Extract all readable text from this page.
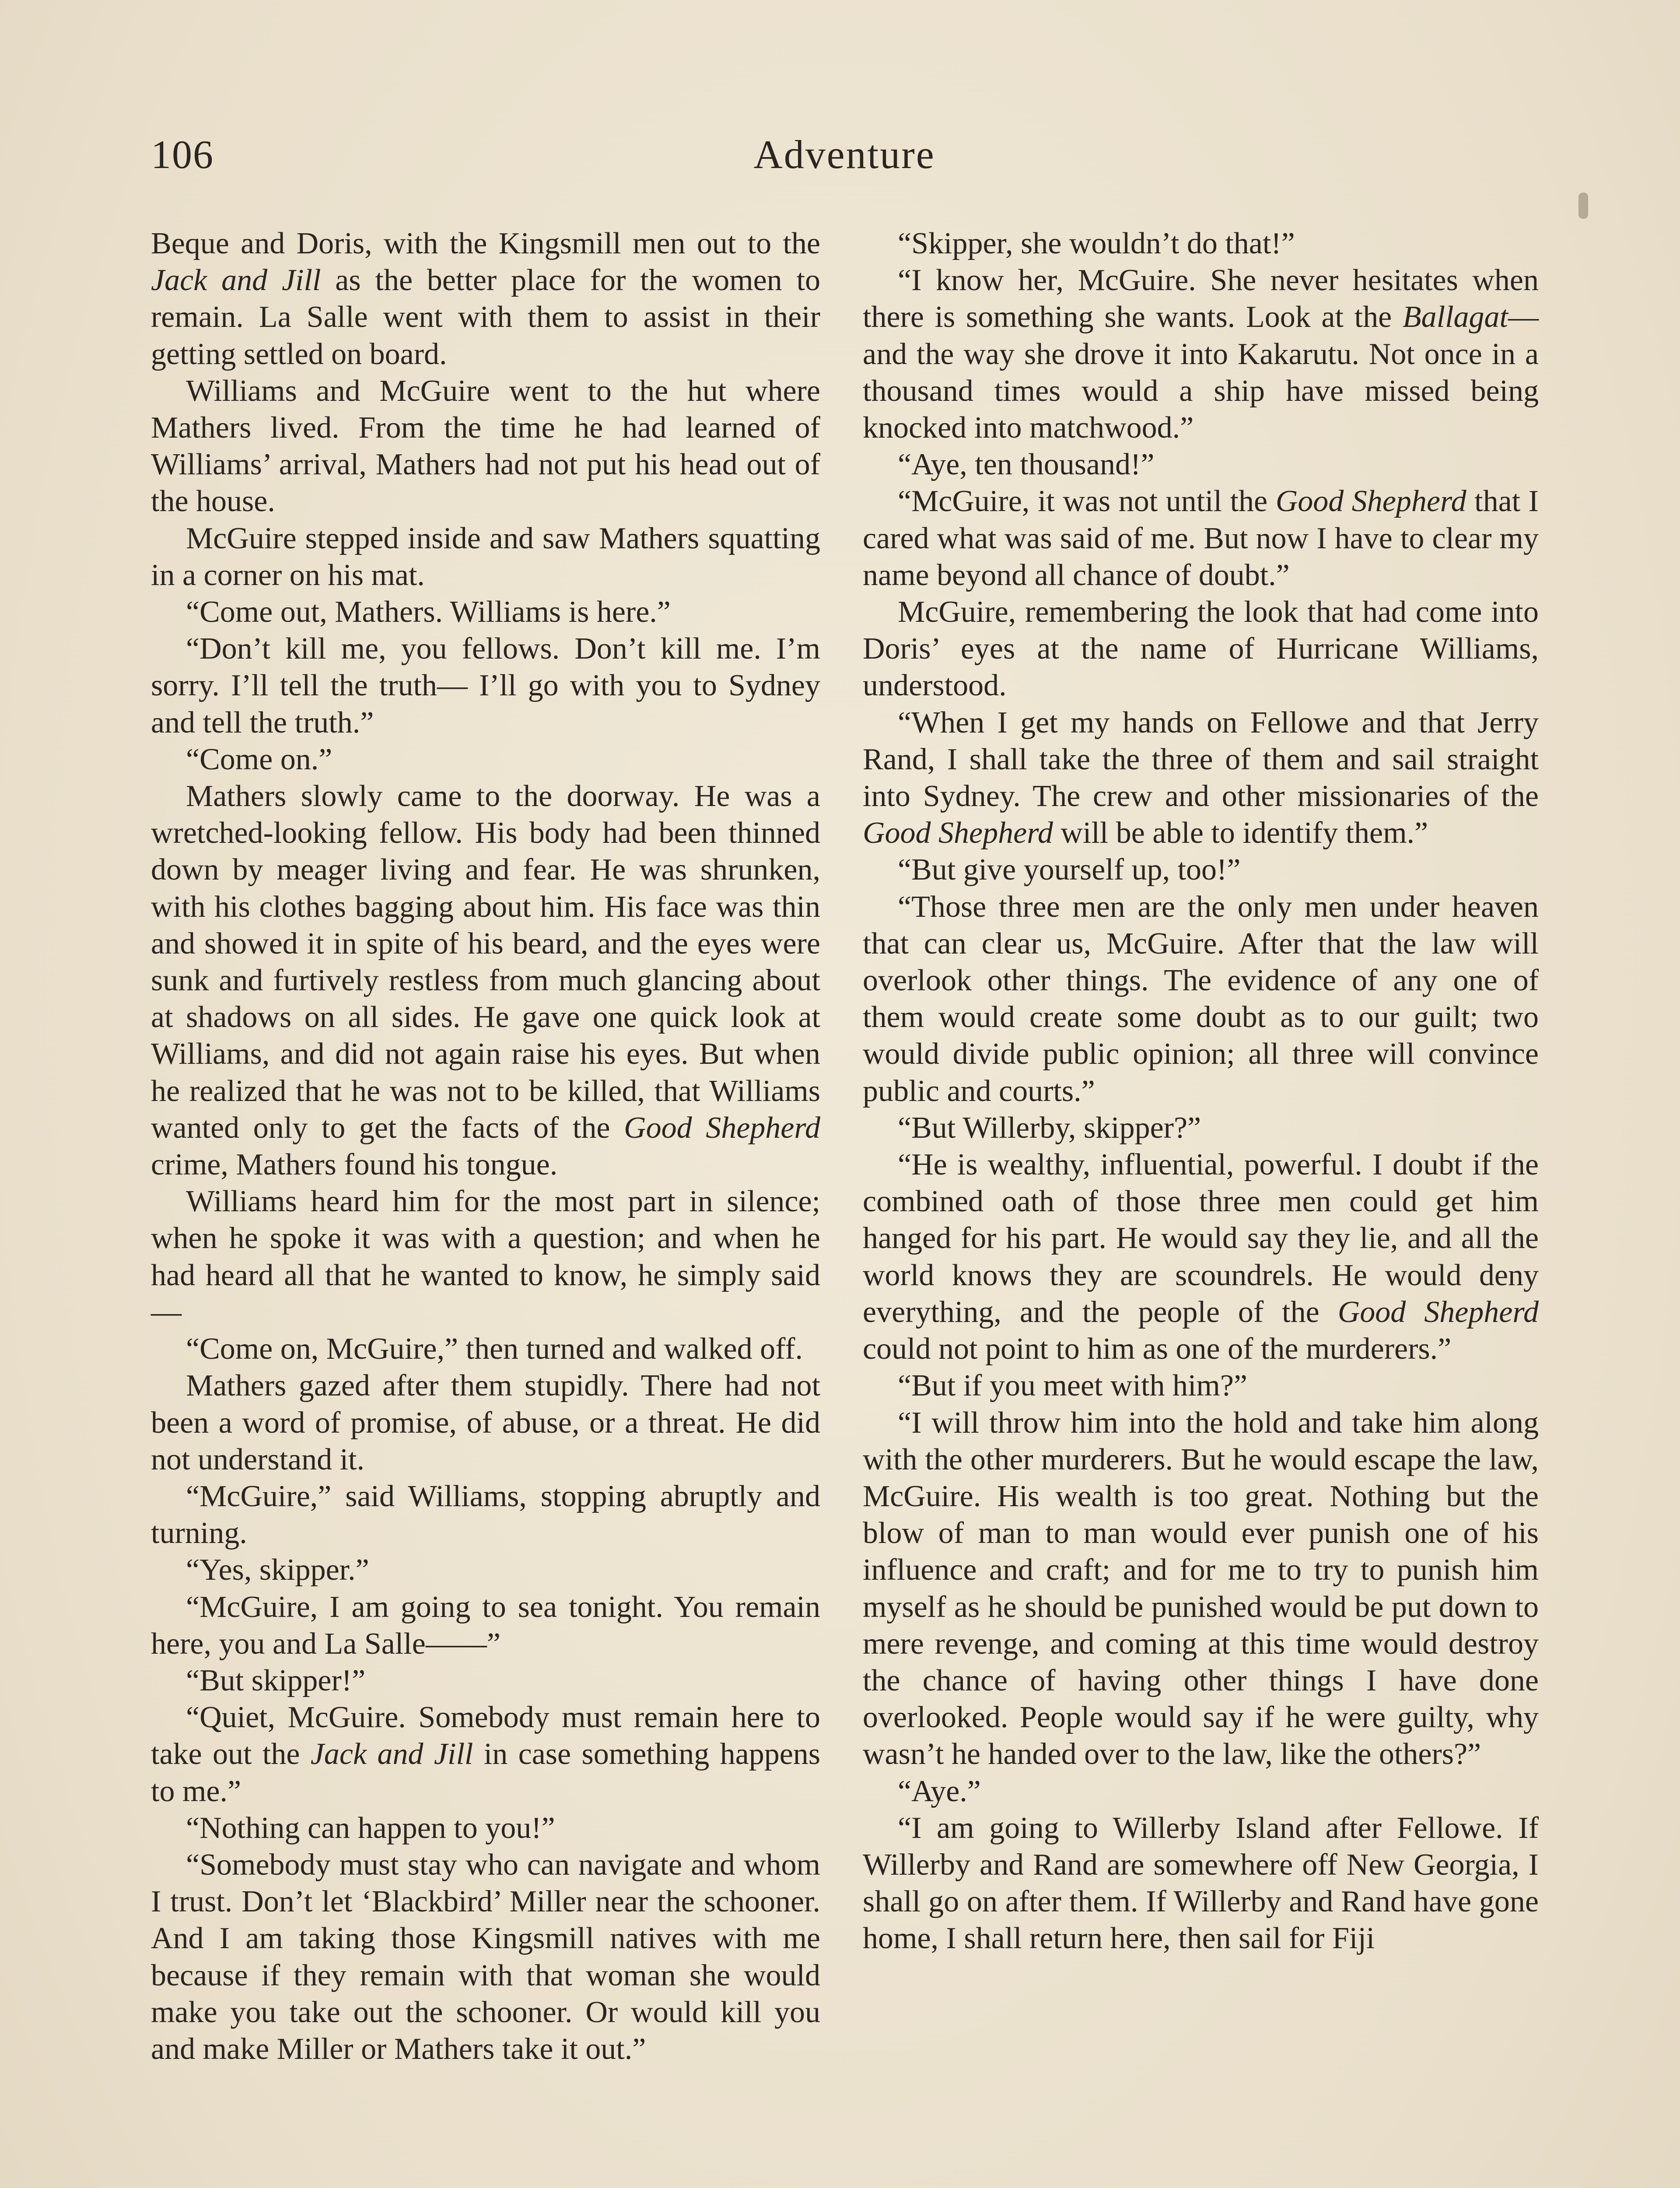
106	Adventure

Beque and Doris, with the Kingsmill men out to the Jack and Jill as the better place for the women to remain. La Salle went with them to assist in their getting settled on board.

Williams and McGuire went to the hut where Mathers lived. From the time he had learned of Williams’ arrival, Mathers had not put his head out of the house.

McGuire stepped inside and saw Mathers squatting in a corner on his mat.

“Come out, Mathers. Williams is here.”

“Don’t kill me, you fellows. Don’t kill me. I’m sorry. I’ll tell the truth— I’ll go with you to Sydney and tell the truth.”

“Come on.”

Mathers slowly came to the doorway. He was a wretched-looking fellow. His body had been thinned down by meager living and fear. He was shrunken, with his clothes bagging about him. His face was thin and showed it in spite of his beard, and the eyes were sunk and furtively restless from much glancing about at shadows on all sides. He gave one quick look at Williams, and did not again raise his eyes. But when he realized that he was not to be killed, that Williams wanted only to get the facts of the Good Shepherd crime, Mathers found his tongue.

Williams heard him for the most part in silence; when he spoke it was with a question; and when he had heard all that he wanted to know, he simply said—

“Come on, McGuire,” then turned and walked off.

Mathers gazed after them stupidly. There had not been a word of promise, of abuse, or a threat. He did not understand it.

“McGuire,” said Williams, stopping abruptly and turning.

“Yes, skipper.”

“McGuire, I am going to sea tonight. You remain here, you and La Salle——”

“But skipper!”

“Quiet, McGuire. Somebody must remain here to take out the Jack and Jill in case something happens to me.”

“Nothing can happen to you!”

“Somebody must stay who can navigate and whom I trust. Don’t let ‘Blackbird’ Miller near the schooner. And I am taking those Kingsmill natives with me because if they remain with that woman she would make you take out the schooner. Or would kill you and make Miller or Mathers take it out.”

“Skipper, she wouldn’t do that!”

“I know her, McGuire. She never hesitates when there is something she wants. Look at the Ballagat—and the way she drove it into Kakarutu. Not once in a thousand times would a ship have missed being knocked into matchwood.”

“Aye, ten thousand!”

“McGuire, it was not until the Good Shepherd that I cared what was said of me. But now I have to clear my name beyond all chance of doubt.”

McGuire, remembering the look that had come into Doris’ eyes at the name of Hurricane Williams, understood.

“When I get my hands on Fellowe and that Jerry Rand, I shall take the three of them and sail straight into Sydney. The crew and other missionaries of the Good Shepherd will be able to identify them.”

“But give yourself up, too!”

“Those three men are the only men under heaven that can clear us, McGuire. After that the law will overlook other things. The evidence of any one of them would create some doubt as to our guilt; two would divide public opinion; all three will convince public and courts.”

“But Willerby, skipper?”

“He is wealthy, influential, powerful. I doubt if the combined oath of those three men could get him hanged for his part. He would say they lie, and all the world knows they are scoundrels. He would deny everything, and the people of the Good Shepherd could not point to him as one of the murderers.”

“But if you meet with him?”

“I will throw him into the hold and take him along with the other murderers. But he would escape the law, McGuire. His wealth is too great. Nothing but the blow of man to man would ever punish one of his influence and craft; and for me to try to punish him myself as he should be punished would be put down to mere revenge, and coming at this time would destroy the chance of having other things I have done overlooked. People would say if he were guilty, why wasn’t he handed over to the law, like the others?”

“Aye.”

“I am going to Willerby Island after Fellowe. If Willerby and Rand are somewhere off New Georgia, I shall go on after them. If Willerby and Rand have gone home, I shall return here, then sail for Fiji
